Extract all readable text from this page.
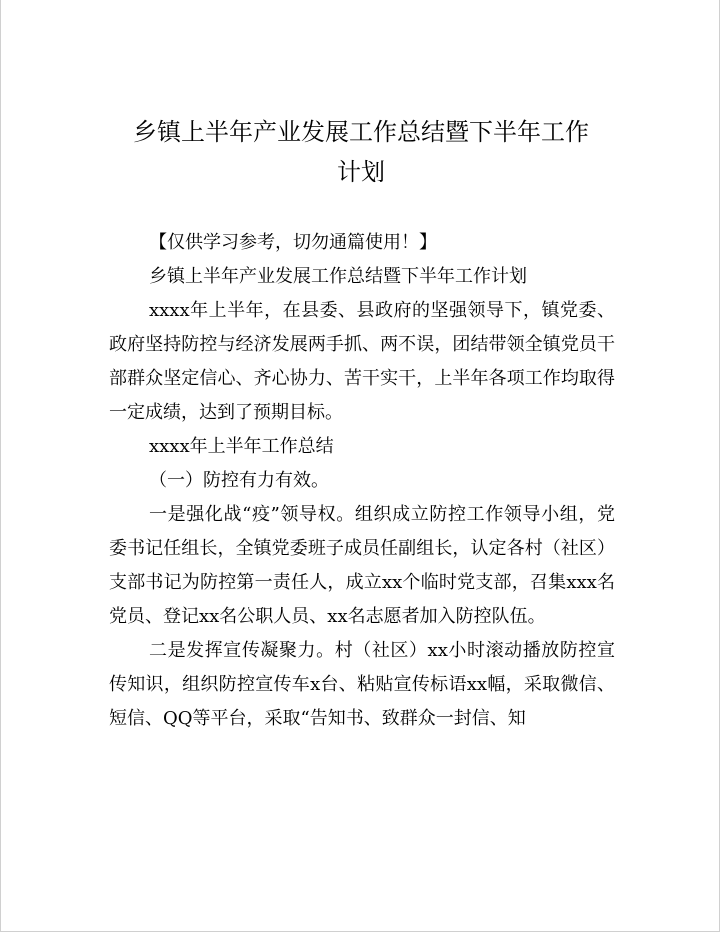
乡镇上半年产业发展工作总结暨下半年工作
计划

【仅供学习参考，切勿通篇使用！】

乡镇上半年产业发展工作总结暨下半年工作计划

xxxx年上半年，在县委、县政府的坚强领导下，镇党委、政府坚持防控与经济发展两手抓、两不误，团结带领全镇党员干部群众坚定信心、齐心协力、苦干实干，上半年各项工作均取得一定成绩，达到了预期目标。

xxxx年上半年工作总结

（一）防控有力有效。

一是强化战“疫”领导权。组织成立防控工作领导小组，党委书记任组长，全镇党委班子成员任副组长，认定各村（社区）支部书记为防控第一责任人，成立xx个临时党支部，召集xxx名党员、登记xx名公职人员、xx名志愿者加入防控队伍。

二是发挥宣传凝聚力。村（社区）xx小时滚动播放防控宣传知识，组织防控宣传车x台、粘贴宣传标语xx幅，采取微信、短信、QQ等平台，采取“告知书、致群众一封信、知
